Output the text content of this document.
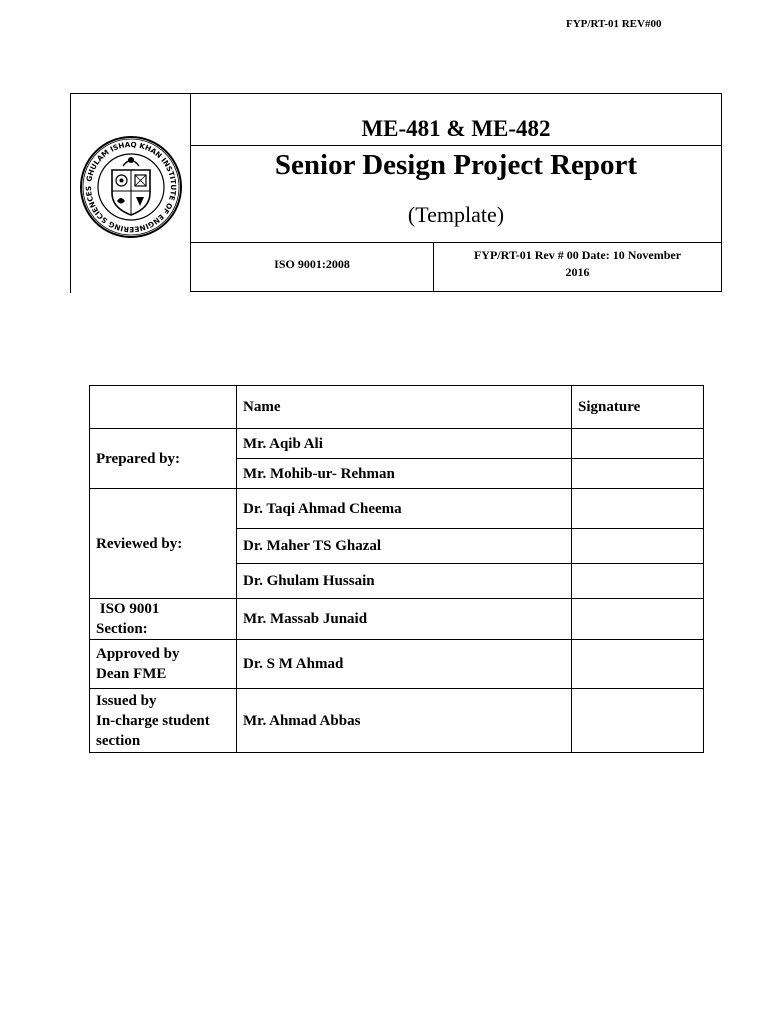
FYP/RT-01 REV#00
GHULAM ISHAQ KHAN INSTITUTE OF ENGINEERING SCIENCES
ME-481 & ME-482
Senior Design Project Report
(Template)
ISO 9001:2008
FYP/RT-01 Rev # 00 Date: 10 November
2016
	Name	Signature
Prepared by:	Mr. Aqib Ali	
	Mr. Mohib-ur- Rehman	
Reviewed by:	Dr. Taqi Ahmad Cheema	
	Dr. Maher TS Ghazal	
	Dr. Ghulam Hussain	
ISO 9001
Section:	Mr. Massab Junaid	
Approved by
Dean FME	Dr. S M Ahmad	
Issued by
In-charge student
section	Mr. Ahmad Abbas	
